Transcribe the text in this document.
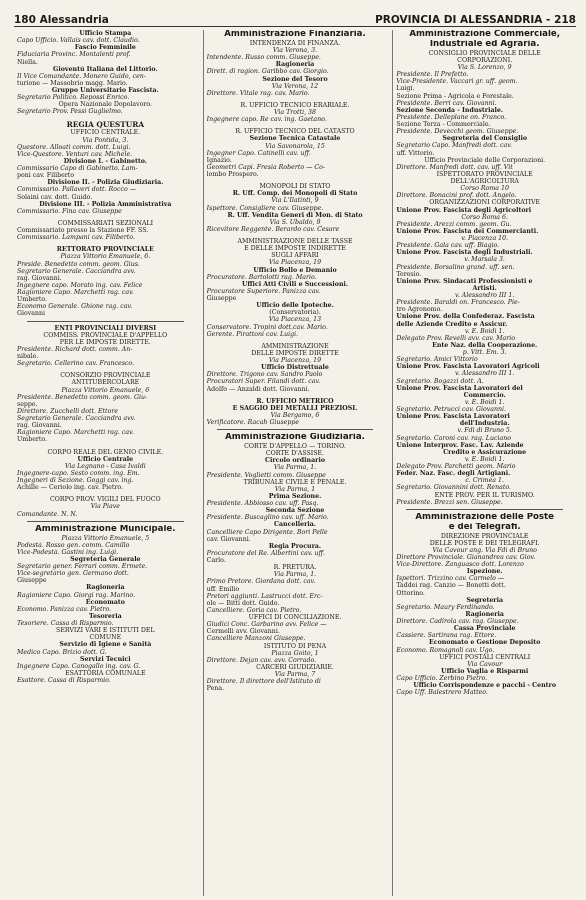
180 Alessandria	PROVINCIA DI ALESSANDRIA - 218
Ufficio Stampa
Capo Ufficio. Vallais cav. dott. Claudio.
Fascio Femminile
Fiduciaria Provinc. Montalenti prof.
Niella.
Gioventù Italiana del Littorio.
Il Vice Comandante. Monero Guido, cen-
turione — Massobrio magg. Mario.
Gruppo Universitario Fascista.
Segretario Politico. Repossi Enrico.
Opera Nazionale Dopolavoro.
Segretario Prov. Pessi Guglielmo.
REGIA QUESTURA
UFFICIO CENTRALE.
Via Pontida, 3.
Questore. Alloati comm. dott. Luigi.
Vice-Questore. Venturi cav. Michele.
Divisione I. - Gabinetto.
Commissario Capo di Gabinetto. Lam-
poni cav. Filiberto
Divisione II. - Polizia Giudiziaria.
Commissario. Pallaveri dott. Rocco —
Solaini cav. dott. Guido.
Divisione III. - Polizia Amministrativa
Commissario. Fina cav. Giuseppe
COMMISSARIATI SEZIONALI
Commissariato presso la Stazione FF. SS.
Commissario. Lampani cav. Filiberto.
RETTORATO PROVINCIALE
Piazza Vittorio Emanuele, 6.
Preside. Benedetto comm. geom. Gius.
Segretario Generale. Cacciandra avv.
rag. Giovanni.
Ingegnere capo. Morato ing. cav. Felice
Ragioniere Capo. Marchetti rag. cav.
Umberto.
Economo Generale. Ghione rag. cav.
Giovanni
ENTI PROVINCIALI DIVERSI
COMMISS. PROVINCIALE D'APPELLO
PER LE IMPOSTE DIRETTE.
Presidente. Richard dott. comm. An-
nibale.
Segretario. Cellerino cav. Francesco.
CONSORZIO PROVINCIALE
ANTITUBERCOLARE
Piazza Vittorio Emanuele, 6
Presidente. Benedetto comm. geom. Giu-
seppe.
Direttore. Zucchelli dott. Ettore
Segretario Generale. Cacciandra avv.
rag. Giovanni.
Ragioniere Capo. Marchetti rag. cav.
Umberto.
CORPO REALE DEL GENIO CIVILE.
Ufficio Centrale
Via Legnano - Casa Ivaldi
Ingegnere-capo. Sesto comm. ing. Em.
Ingegneri di Sezione. Goggi cav. ing.
Achille — Ceriolo ing. cav. Pietro.
CORPO PROV. VIGILI DEL FUOCO
Via Piave
Comandante. N. N.
Amministrazione Municipale.
Piazza Vittorio Emanuele, 5
Podestà. Rosso gen. comm. Camillo
Vice-Podestà. Gastini ing. Luigi.
Segreteria Generale
Segretario gener. Ferrari comm. Ermete.
Vice-segretario gen. Germano dott.
Giuseppe
Ragioneria
Ragioniere Capo. Giorgi rag. Marino.
Economato
Economo. Panizza cav. Pietro.
Tesoreria
Tesoriere. Cassa di Risparmio.
SERVIZI VARI E ISTITUTI DEL
COMUNE
Servizio di Igiene e Sanità
Medico Capo. Brizio dott. G.
Servizi Tecnici
Ingegnere Capo. Canogallo ing. cav. G.
ESATTORIA COMUNALE
Esattore. Cassa di Risparmio.
Amministrazione Finanziaria.
INTENDENZA DI FINANZA.
Via Verona, 3.
Intendente. Russo comm. Giuseppe.
Ragioneria
Dirett. di ragion. Garibbo cav. Giorgio.
Sezione del Tesoro
Via Verona, 12
Direttore. Vitale rag. cav. Mario.
R. UFFICIO TECNICO ERARIALE.
Via Trotti, 38
Ingegnere capo. Re cav. ing. Gaetano.
R. UFFICIO TECNICO DEL CATASTO
Sezione Tecnica Catastale
Via Savonarola, 15
Ingegner Capo. Catinelli cav. uff.
Ignazio.
Geometri Capi. Fresia Roberto — Co-
lombo Prospero.
MONOPOLI DI STATO
R. Uff. Comp. dei Monopoli di Stato
Via L'Ilatinti, 9
Ispettore. Consigliere cav. Giuseppe.
R. Uff. Vendita Generi di Mon. di Stato
Via S. Ubaldo, 9
Ricevitore Reggente. Berardo cav. Cesare
AMMINISTRAZIONE DELLE TASSE
E DELLE IMPOSTE INDIRETTE
SUGLI AFFARI
Via Piacenza, 19
Ufficio Bollo e Demanio
Procuratore. Bartolotti rag. Mario.
Uffici Atti Civili e Successioni.
Procuratore Superiore. Panizza cav.
Giuseppe
Ufficio delle Ipoteche.
(Conservatoria).
Via Piacenza, 13
Conservatore. Tropini dott.cav. Mario.
Gerente. Pirattoni cav. Luigi.
AMMINISTRAZIONE
DELLE IMPOSTE DIRETTE
Via Piacenza, 19
Ufficio Distrettuale
Direttore. Trigono cav. Sandro Paolo
Procuratori Super. Filandi dott. cav.
Adolfo — Anzaldi dott. Giovanni.
R. UFFICIO METRICO
E SAGGIO DEI METALLI PREZIOSI.
Via Bergamo, 6
Verificatore. Racah Giuseppe
Amministrazione Giudiziaria.
CORTE D'APPELLO — TORINO.
CORTE D'ASSISE.
Circolo ordinario
Via Parma, 1.
Presidente. Voglietti comm. Giuseppe
TRIBUNALE CIVILE E PENALE.
Via Parma, 1
Prima Sezione.
Presidente. Abbiosso cav. uff. Pasq.
Seconda Sezione
Presidente. Buscaglino cav. uff. Mario.
Cancelleria.
Cancelliere Capo Dirigente. Bori Pelle
cav. Giovanni.
Regia Procura.
Procuratore del Re. Albertini cav. uff.
Carlo.
R. PRETURA.
Via Parma, 1.
Primo Pretore. Giordana dott. cav.
uff. Emilio
Pretori aggiunti. Lastrucci dott. Erc-
ole — Bitti dott. Guido.
Cancelliere. Goria cav. Pietro.
UFFICI DI CONCILIAZIONE.
Giudici Conc. Garbarino avv. Felice —
Cermelli avv. Giovanni.
Cancelliere Manzoni Giuseppe.
ISTITUTO DI PENA
Piazza Goito, 1
Direttore. Dejan cav. avv. Corrado.
CARCERI GIUDIZIARIE.
Via Parma, 7
Direttore. Il direttore dell'Istituto di
Pena.
Amministrazione Commerciale,
Industriale ed Agraria.
CONSIGLIO PROVINCIALE DELLE
CORPORAZIONI.
Via S. Lorenzo, 9
Presidente. Il Prefetto.
Vice-Presidente. Vaccari gr. uff. geom.
Luigi.
Sezione Prima - Agricola e Forestale.
Presidente. Berri cav. Giovanni.
Sezione Seconda - Industriale.
Presidente. Delleplane on. Franco.
Sezione Terza - Commerciale.
Presidente. Devecchi geom. Giuseppe.
Segreteria del Consiglio
Segretario Capo. Manfredi dott. cav.
uff. Vittorio.
Ufficio Provinciale delle Corporazioni.
Direttore. Manfredi dott. cav. uff. Vit
ISPETTORATO PROVINCIALE
DELL'AGRICOLTURA
Corso Roma 10
Direttore. Bonacini prof. dott. Angelo.
ORGANIZZAZIONI CORPORATIVE
Unione Prov. Fascista degli Agricoltori
Corso Roma 6.
Presidente. Arezzi comm. geom. Gu.
Unione Prov. Fascista dei Commercianti.
v. Piacenza 10.
Presidente. Gala cav. uff. Biagio.
Unione Prov. Fascista degli Industriali.
v. Marsala 3.
Presidente. Borsalino grand. uff. sen.
Teresio.
Unione Prov. Sindacati Professionisti e
Artisti.
v. Alessandro III 1.
Presidente. Baraldi on. Francesco. Pie-
tro Agronomo.
Unione Prov. della Confederaz. Fascista
delle Aziende Credito e Assicur.
v. E. Boidi 1.
Delegato Prov. Revelli avv. cav. Mario
Ente Naz. della Cooperazione.
p. Vitt. Em. 3.
Segretario. Amici Vittorio
Unione Prov. Fascista Lavoratori Agricoli
v. Alessandro III 1.
Segretario. Bogazzi dott. A.
Unione Prov. Fascista Lavoratori del
Commercio.
v. E. Boidi 1.
Segretario. Petrucci cav. Giovanni.
Unione Prov. Fascista Lavoratori
dell'Industria.
v. Fdi di Bruno 5.
Segretario. Caroni cav. rag. Luciano
Unione Interprov. Fasc. Lav. Aziende
Credito e Assicurazione
v. E. Boidi 1.
Delegato Prov. Parchetti geom. Mario
Feder. Naz. Fasc. degli Artigiani.
c. Crimea 1.
Segretario. Giovannini dott. Renato.
ENTE PROV. PER IL TURISMO.
Presidente. Brezzi sen. Giuseppe.
Amministrazione delle Poste
e dei Telegrafi.
DIREZIONE PROVINCIALE
DELLE POSTE E DEI TELEGRAFI.
Via Cavour ang. Via Fdi di Bruno
Direttore Provinciale. Gianandrea cav. Giov.
Vice-Direttore. Zanguasco dott. Lorenzo
Ispezione.
Ispettori. Trizzino cav. Carmelo —
Taddei rag. Canzio — Bonetti dott.
Ottorino.
Segreteria
Segretario. Maury Ferdinando.
Ragioneria
Direttore. Cadirola cav. rag. Giuseppe.
Cassa Provinciale
Cassiere. Sartirana rag. Ettore.
Economato e Gestione Deposito
Economo. Romagnoli cav. Ugo.
UFFICI POSTALI CENTRALI
Via Cavour
Ufficio Vaglia e Risparmi
Capo Ufficio. Zerbino Pietro.
Ufficio Corrispondenze e pacchi - Centro
Capo Uff. Balestrero Matteo.
